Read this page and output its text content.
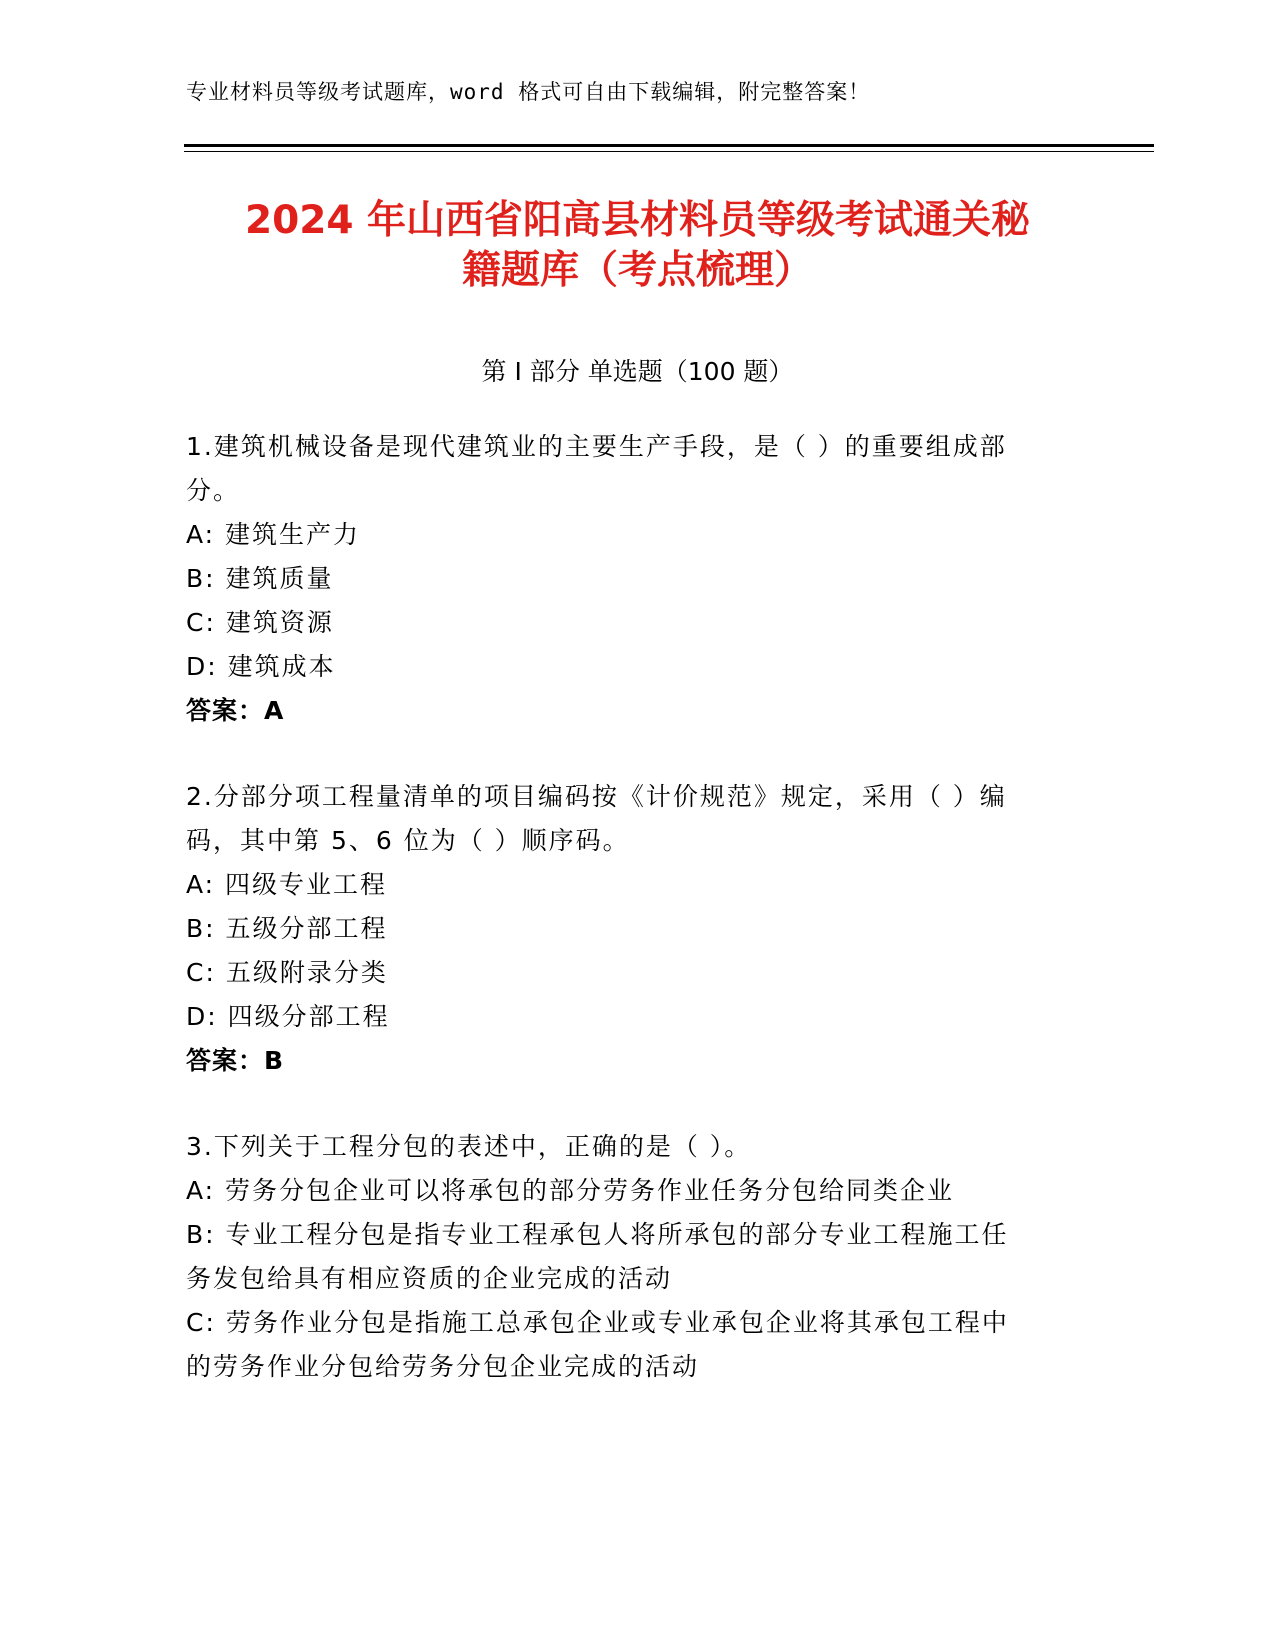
专业材料员等级考试题库，word 格式可自由下载编辑，附完整答案！
2024 年山西省阳高县材料员等级考试通关秘
籍题库（考点梳理）
第 I 部分 单选题（100 题）
1.建筑机械设备是现代建筑业的主要生产手段，是（ ）的重要组成部
分。
A: 建筑生产力
B: 建筑质量
C: 建筑资源
D: 建筑成本
答案：A
2.分部分项工程量清单的项目编码按《计价规范》规定，采用（ ）编
码，其中第 5、6 位为（ ）顺序码。
A: 四级专业工程
B: 五级分部工程
C: 五级附录分类
D: 四级分部工程
答案：B
3.下列关于工程分包的表述中，正确的是（ ）。
A: 劳务分包企业可以将承包的部分劳务作业任务分包给同类企业
B: 专业工程分包是指专业工程承包人将所承包的部分专业工程施工任
务发包给具有相应资质的企业完成的活动
C: 劳务作业分包是指施工总承包企业或专业承包企业将其承包工程中
的劳务作业分包给劳务分包企业完成的活动
